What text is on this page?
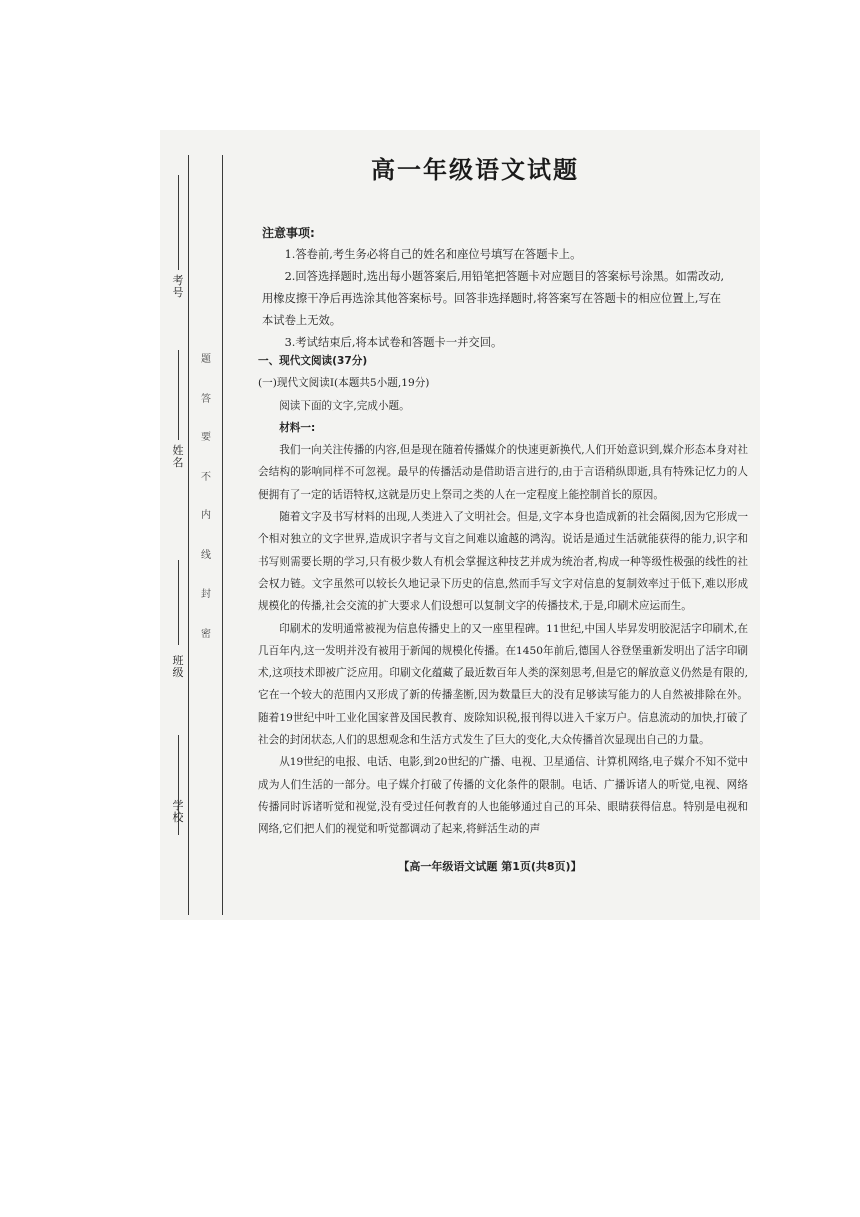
考号
姓名
班级
学校
题
答
要
不
内
线
封
密
高一年级语文试题
注意事项:
1.答卷前,考生务必将自己的姓名和座位号填写在答题卡上。
2.回答选择题时,选出每小题答案后,用铅笔把答题卡对应题目的答案标号涂黑。如需改动,用橡皮擦干净后再选涂其他答案标号。回答非选择题时,将答案写在答题卡的相应位置上,写在本试卷上无效。
3.考试结束后,将本试卷和答题卡一并交回。

一、现代文阅读(37分)

(一)现代文阅读Ⅰ(本题共5小题,19分)

阅读下面的文字,完成小题。

材料一:

我们一向关注传播的内容,但是现在随着传播媒介的快速更新换代,人们开始意识到,媒介形态本身对社会结构的影响同样不可忽视。最早的传播活动是借助语言进行的,由于言语稍纵即逝,具有特殊记忆力的人便拥有了一定的话语特权,这就是历史上祭司之类的人在一定程度上能控制首长的原因。

随着文字及书写材料的出现,人类进入了文明社会。但是,文字本身也造成新的社会隔阂,因为它形成一个相对独立的文字世界,造成识字者与文盲之间难以逾越的鸿沟。说话是通过生活就能获得的能力,识字和书写则需要长期的学习,只有极少数人有机会掌握这种技艺并成为统治者,构成一种等级性极强的线性的社会权力链。文字虽然可以较长久地记录下历史的信息,然而手写文字对信息的复制效率过于低下,难以形成规模化的传播,社会交流的扩大要求人们设想可以复制文字的传播技术,于是,印刷术应运而生。

印刷术的发明通常被视为信息传播史上的又一座里程碑。11世纪,中国人毕昇发明胶泥活字印刷术,在几百年内,这一发明并没有被用于新闻的规模化传播。在1450年前后,德国人谷登堡重新发明出了活字印刷术,这项技术即被广泛应用。印刷文化蕴藏了最近数百年人类的深刻思考,但是它的解放意义仍然是有限的,它在一个较大的范围内又形成了新的传播垄断,因为数量巨大的没有足够读写能力的人自然被排除在外。随着19世纪中叶工业化国家普及国民教育、废除知识税,报刊得以进入千家万户。信息流动的加快,打破了社会的封闭状态,人们的思想观念和生活方式发生了巨大的变化,大众传播首次显现出自己的力量。

从19世纪的电报、电话、电影,到20世纪的广播、电视、卫星通信、计算机网络,电子媒介不知不觉中成为人们生活的一部分。电子媒介打破了传播的文化条件的限制。电话、广播诉诸人的听觉,电视、网络传播同时诉诸听觉和视觉,没有受过任何教育的人也能够通过自己的耳朵、眼睛获得信息。特别是电视和网络,它们把人们的视觉和听觉都调动了起来,将鲜活生动的声

【高一年级语文试题 第1页(共8页)】
